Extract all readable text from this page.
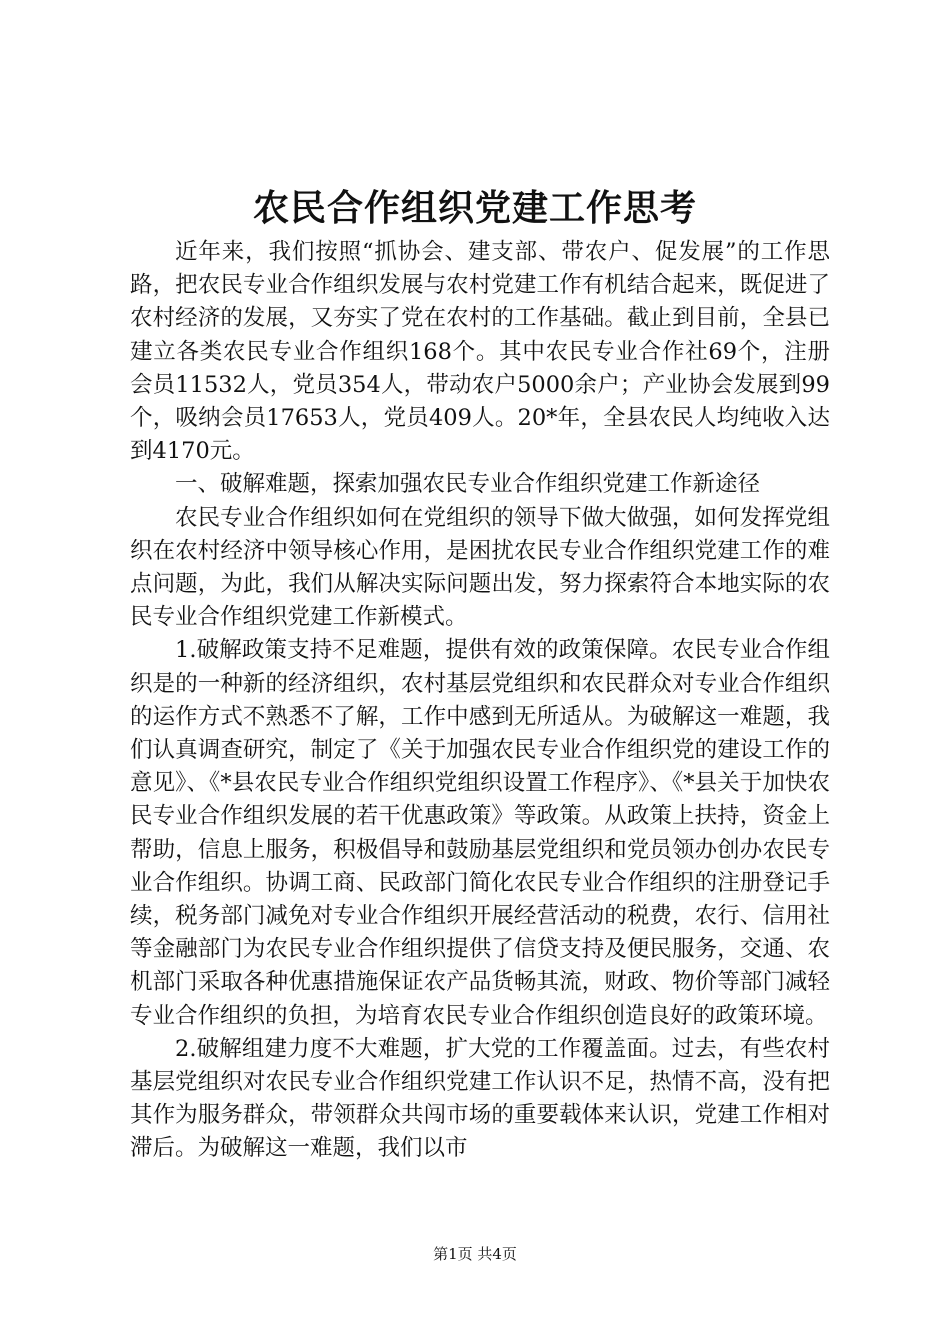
农民合作组织党建工作思考

近年来，我们按照“抓协会、建支部、带农户、促发展”的工作思路，把农民专业合作组织发展与农村党建工作有机结合起来，既促进了农村经济的发展，又夯实了党在农村的工作基础。截止到目前，全县已建立各类农民专业合作组织168个。其中农民专业合作社69个，注册会员11532人，党员354人，带动农户5000余户；产业协会发展到99个，吸纳会员17653人，党员409人。20*年，全县农民人均纯收入达到4170元。

一、破解难题，探索加强农民专业合作组织党建工作新途径

农民专业合作组织如何在党组织的领导下做大做强，如何发挥党组织在农村经济中领导核心作用，是困扰农民专业合作组织党建工作的难点问题，为此，我们从解决实际问题出发，努力探索符合本地实际的农民专业合作组织党建工作新模式。

1.破解政策支持不足难题，提供有效的政策保障。农民专业合作组织是的一种新的经济组织，农村基层党组织和农民群众对专业合作组织的运作方式不熟悉不了解，工作中感到无所适从。为破解这一难题，我们认真调查研究，制定了《关于加强农民专业合作组织党的建设工作的意见》、《*县农民专业合作组织党组织设置工作程序》、《*县关于加快农民专业合作组织发展的若干优惠政策》等政策。从政策上扶持，资金上帮助，信息上服务，积极倡导和鼓励基层党组织和党员领办创办农民专业合作组织。协调工商、民政部门简化农民专业合作组织的注册登记手续，税务部门减免对专业合作组织开展经营活动的税费，农行、信用社等金融部门为农民专业合作组织提供了信贷支持及便民服务，交通、农机部门采取各种优惠措施保证农产品货畅其流，财政、物价等部门减轻专业合作组织的负担，为培育农民专业合作组织创造良好的政策环境。

2.破解组建力度不大难题，扩大党的工作覆盖面。过去，有些农村基层党组织对农民专业合作组织党建工作认识不足，热情不高，没有把其作为服务群众，带领群众共闯市场的重要载体来认识，党建工作相对滞后。为破解这一难题，我们以市

第1页 共4页
